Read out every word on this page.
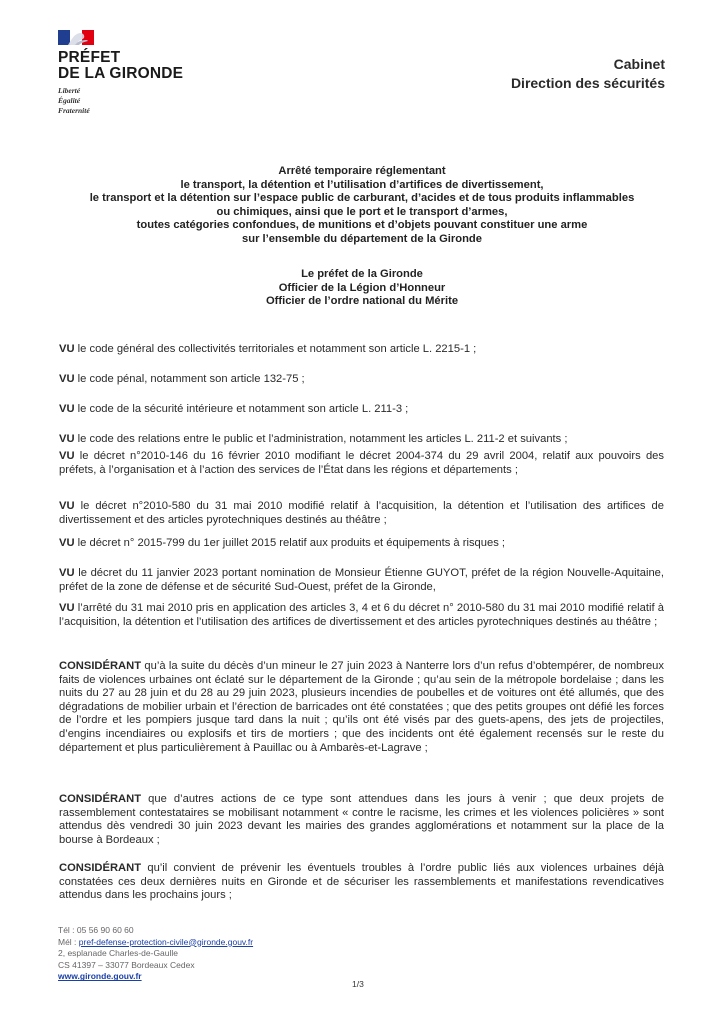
PRÉFET
DE LA GIRONDE
Liberté
Égalité
Fraternité
Cabinet
Direction des sécurités
Arrêté temporaire réglementant
le transport, la détention et l’utilisation d’artifices de divertissement,
le transport et la détention sur l’espace public de carburant, d’acides et de tous produits inflammables
ou chimiques, ainsi que le port et le transport d’armes,
toutes catégories confondues, de munitions et d’objets pouvant constituer une arme
sur l’ensemble du département de la Gironde
Le préfet de la Gironde
Officier de la Légion d’Honneur
Officier de l’ordre national du Mérite
VU le code général des collectivités territoriales et notamment son article L. 2215-1 ;
VU le code pénal, notamment son article 132-75 ;
VU le code de la sécurité intérieure et notamment son article L. 211-3 ;
VU le code des relations entre le public et l’administration, notamment les articles L. 211-2 et suivants ;
VU le décret n°2010-146 du 16 février 2010 modifiant le décret 2004-374 du 29 avril 2004, relatif aux pouvoirs des préfets, à l’organisation et à l’action des services de l’État dans les régions et départements ;
VU le décret n°2010-580 du 31 mai 2010 modifié relatif à l’acquisition, la détention et l’utilisation des artifices de divertissement et des articles pyrotechniques destinés au théâtre ;
VU le décret n° 2015-799 du 1er juillet 2015 relatif aux produits et équipements à risques ;
VU le décret du 11 janvier 2023 portant nomination de Monsieur Étienne GUYOT, préfet de la région Nouvelle-Aquitaine, préfet de la zone de défense et de sécurité Sud-Ouest, préfet de la Gironde,
VU l’arrêté du 31 mai 2010 pris en application des articles 3, 4 et 6 du décret n° 2010-580 du 31 mai 2010 modifié relatif à l’acquisition, la détention et l’utilisation des artifices de divertissement et des articles pyrotechniques destinés au théâtre ;
CONSIDÉRANT qu’à la suite du décès d’un mineur le 27 juin 2023 à Nanterre lors d’un refus d’obtempérer, de nombreux faits de violences urbaines ont éclaté sur le département de la Gironde ; qu’au sein de la métropole bordelaise ; dans les nuits du 27 au 28 juin et du 28 au 29 juin 2023, plusieurs incendies de poubelles et de voitures ont été allumés, que des dégradations de mobilier urbain et l’érection de barricades ont été constatées ; que des petits groupes ont défié les forces de l’ordre et les pompiers jusque tard dans la nuit ; qu’ils ont été visés par des guets-apens, des jets de projectiles, d’engins incendiaires ou explosifs et tirs de mortiers ; que des incidents ont été également recensés sur le reste du département et plus particulièrement à Pauillac ou à Ambarès-et-Lagrave ;
CONSIDÉRANT que d’autres actions de ce type sont attendues dans les jours à venir ; que deux projets de rassemblement contestataires se mobilisant notamment « contre le racisme, les crimes et les violences policières » sont attendus dès vendredi 30 juin 2023 devant les mairies des grandes agglomérations et notamment sur la place de la bourse à Bordeaux ;
CONSIDÉRANT qu’il convient de prévenir les éventuels troubles à l’ordre public liés aux violences urbaines déjà constatées ces deux dernières nuits en Gironde et de sécuriser les rassemblements et manifestations revendicatives attendus dans les prochains jours ;
Tél : 05 56 90 60 60
Mél : pref-defense-protection-civile@gironde.gouv.fr
2, esplanade Charles-de-Gaulle
CS 41397 – 33077 Bordeaux Cedex
www.gironde.gouv.fr
1/3
